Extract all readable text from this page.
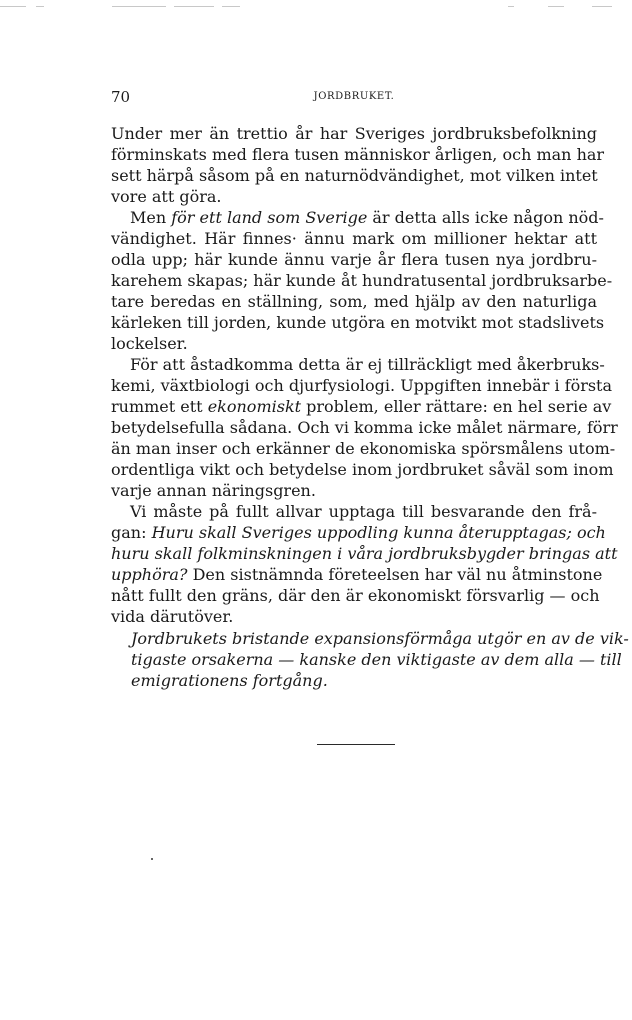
70	JORDBRUKET.
Under mer än trettio år har Sveriges jordbruksbefolkning
förminskats med flera tusen människor årligen, och man har
sett härpå såsom på en naturnödvändighet, mot vilken intet
vore att göra.
Men för ett land som Sverige är detta alls icke någon nöd-
vändighet. Här finnes· ännu mark om millioner hektar att
odla upp; här kunde ännu varje år flera tusen nya jordbru-
karehem skapas; här kunde åt hundratusental jordbruksarbe-
tare beredas en ställning, som, med hjälp av den naturliga
kärleken till jorden, kunde utgöra en motvikt mot stadslivets
lockelser.
För att åstadkomma detta är ej tillräckligt med åkerbruks-
kemi, växtbiologi och djurfysiologi. Uppgiften innebär i första
rummet ett ekonomiskt problem, eller rättare: en hel serie av
betydelsefulla sådana. Och vi komma icke målet närmare, förr
än man inser och erkänner de ekonomiska spörsmålens utom-
ordentliga vikt och betydelse inom jordbruket såväl som inom
varje annan näringsgren.
Vi måste på fullt allvar upptaga till besvarande den frå-
gan: Huru skall Sveriges uppodling kunna återupptagas; och
huru skall folkminskningen i våra jordbruksbygder bringas att
upphöra? Den sistnämnda företeelsen har väl nu åtminstone
nått fullt den gräns, där den är ekonomiskt försvarlig — och
vida därutöver.
Jordbrukets bristande expansionsförmåga utgör en av de vik-
tigaste orsakerna — kanske den viktigaste av dem alla — till
emigrationens fortgång.
